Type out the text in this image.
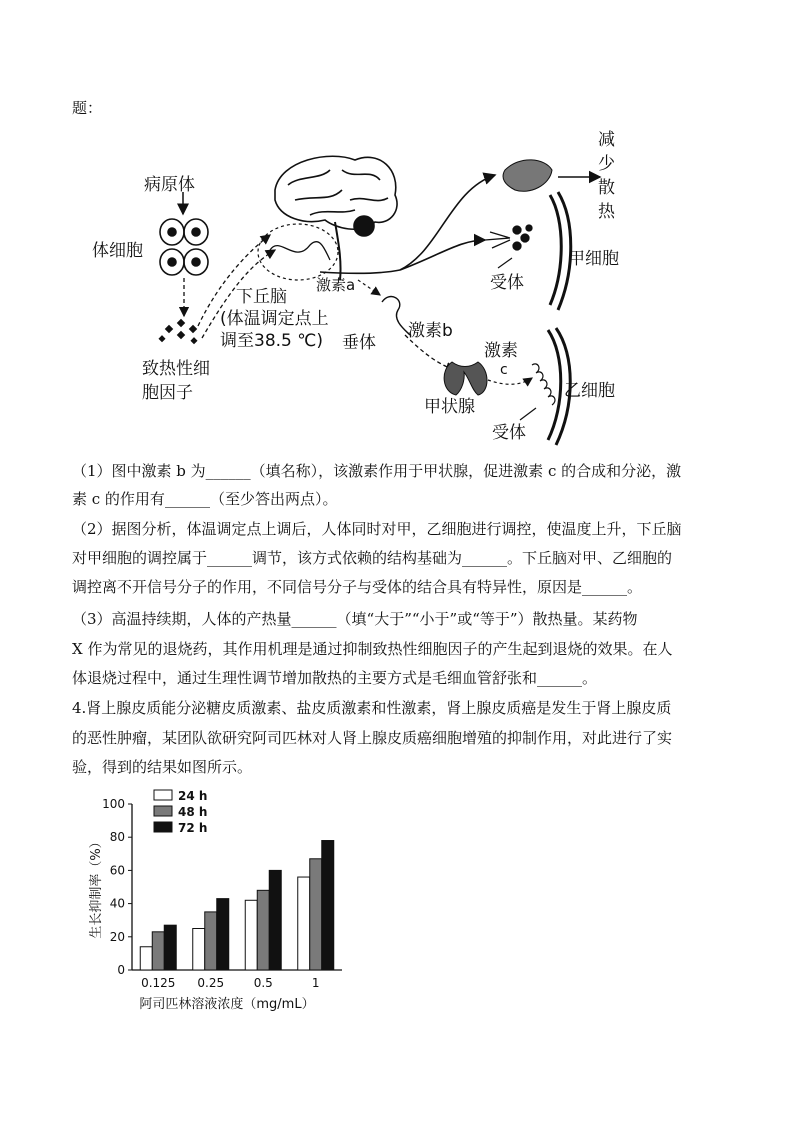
题：
病原体
体细胞
下丘脑
(体温调定点上
调至38.5 ℃)
致热性细
胞因子
激素a
垂体
激素b
甲状腺
激素
c
乙细胞
受体
受体
甲细胞
减
少
散
热
（1）图中激素 b 为______（填名称），该激素作用于甲状腺，促进激素 c 的合成和分泌，激
素 c 的作用有______（至少答出两点）。
（2）据图分析，体温调定点上调后，人体同时对甲，乙细胞进行调控，使温度上升，下丘脑
对甲细胞的调控属于______调节，该方式依赖的结构基础为______。下丘脑对甲、乙细胞的
调控离不开信号分子的作用，不同信号分子与受体的结合具有特异性，原因是______。
（3）高温持续期，人体的产热量______（填“大于”“小于”或“等于”）散热量。某药物
X 作为常见的退烧药，其作用机理是通过抑制致热性细胞因子的产生起到退烧的效果。在人
体退烧过程中，通过生理性调节增加散热的主要方式是毛细血管舒张和______。
4.肾上腺皮质能分泌糖皮质激素、盐皮质激素和性激素，肾上腺皮质癌是发生于肾上腺皮质
的恶性肿瘤，某团队欲研究阿司匹林对人肾上腺皮质癌细胞增殖的抑制作用，对此进行了实
验，得到的结果如图所示。
0
20
40
60
80
100
0.125 0.25 0.5	1
24 h
48 h
72 h
阿司匹林溶液浓度（mg/mL）
生长抑制率（%）
